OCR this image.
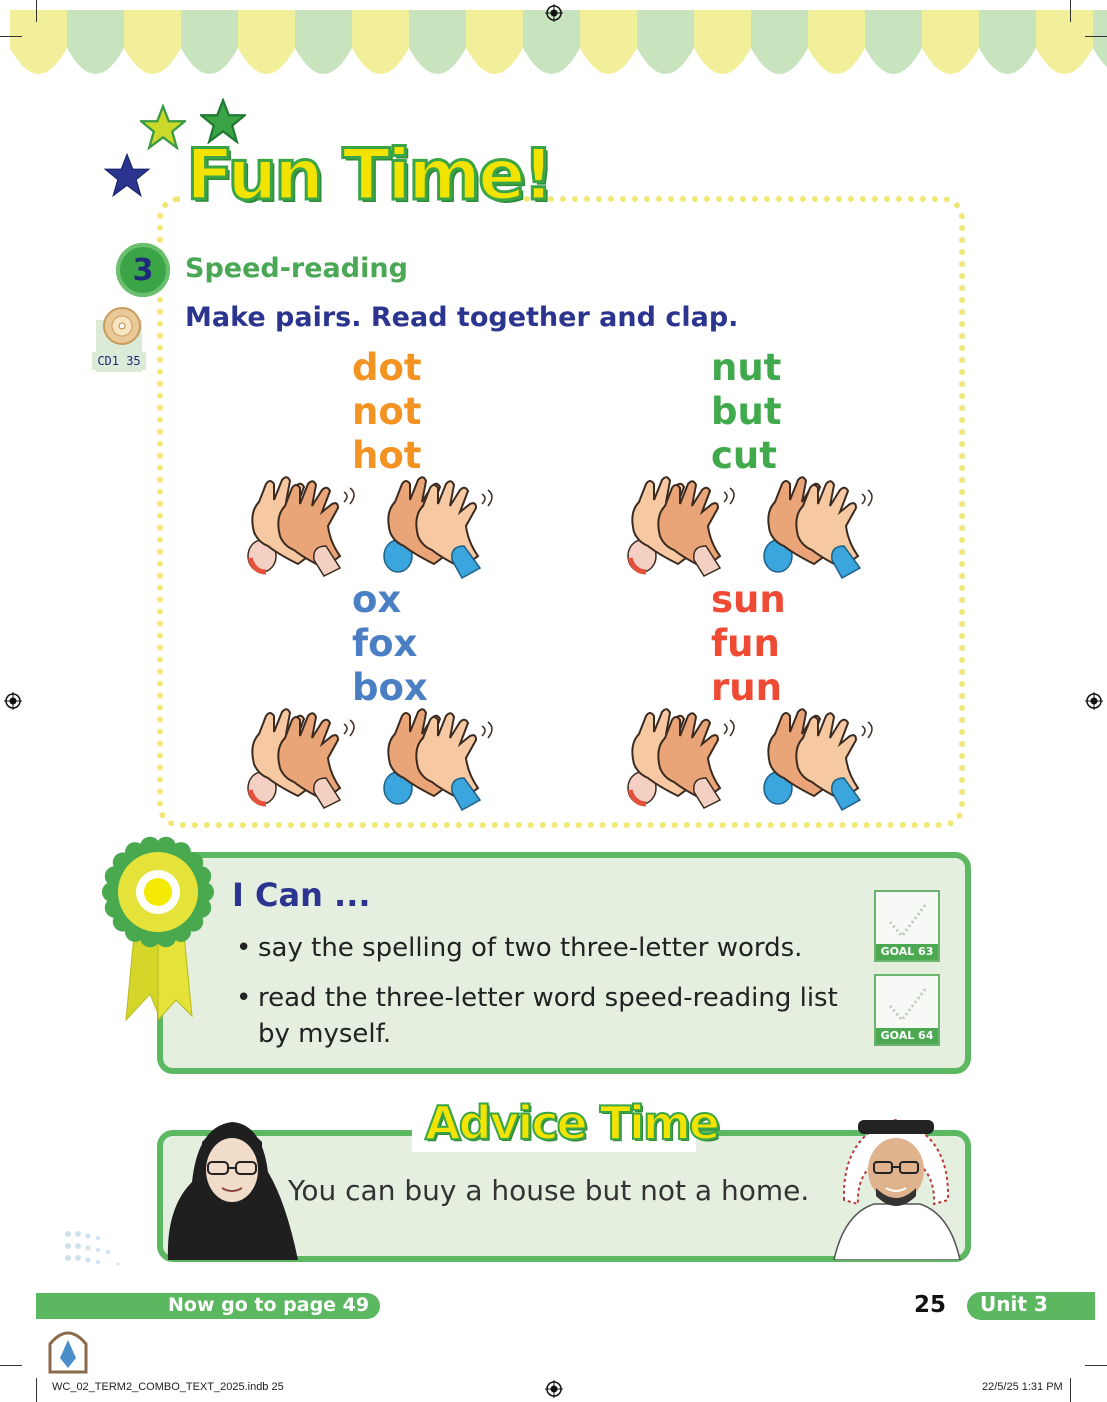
Fun Time!
3 Speed-reading
Make pairs. Read together and clap.
CD1 35	dot
not
hot
nut
but
cut
ox
fox
box
sun
fun
run
I Can ...
• say the spelling of two three-letter words.
• read the three-letter word speed-reading list
by myself.
GOAL 63
GOAL 64
Advice Time
You can buy a house but not a home.
Now go to page 49	25 Unit 3
WC_02_TERM2_COMBO_TEXT_2025.indb 25	22/5/25 1:31 PM
